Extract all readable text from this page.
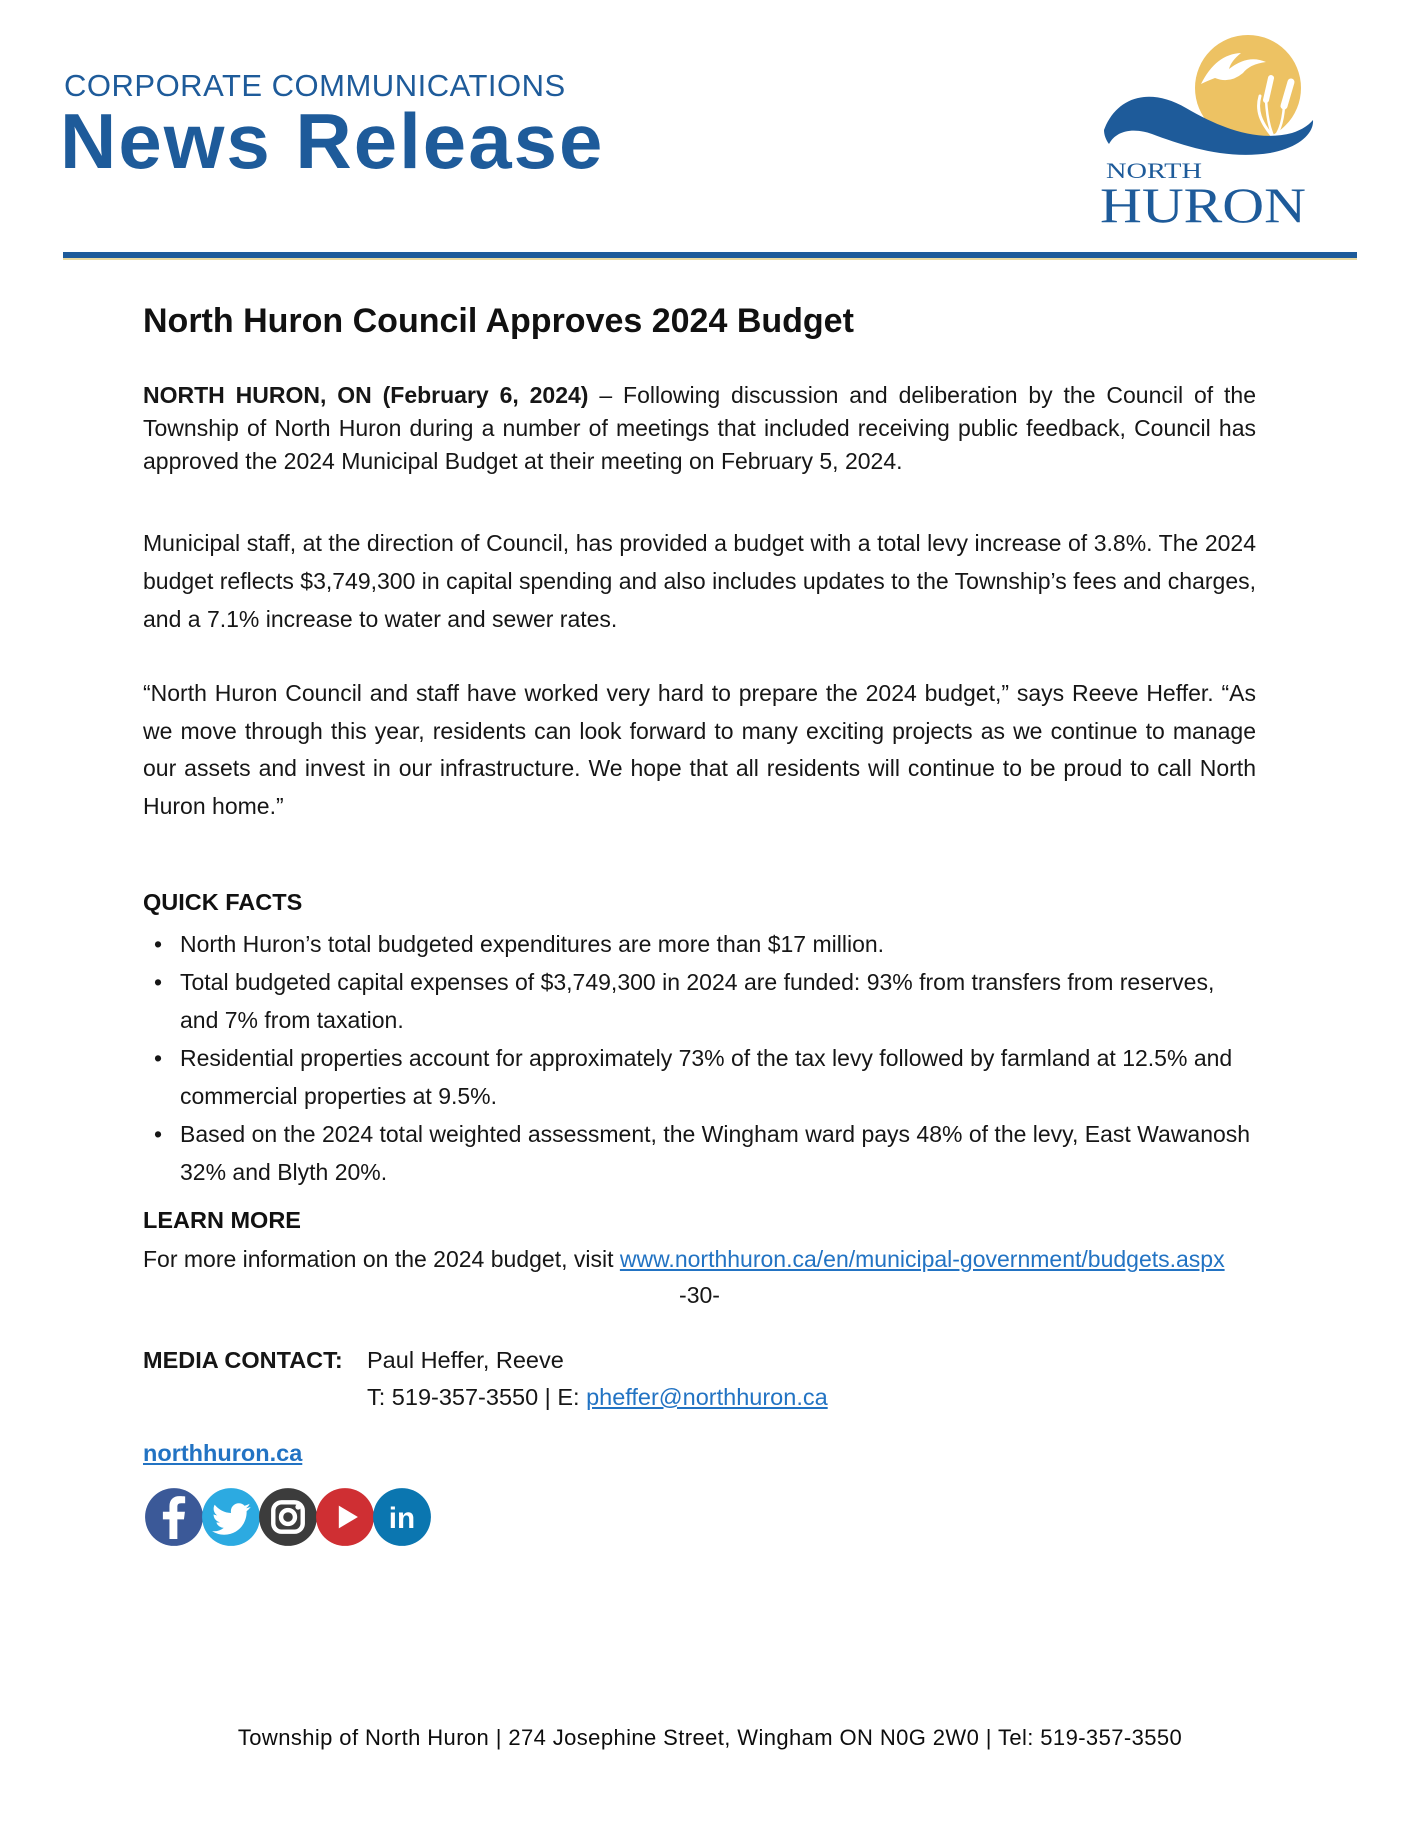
CORPORATE COMMUNICATIONS
News Release	NORTH
HURON
North Huron Council Approves 2024 Budget

NORTH HURON, ON (February 6, 2024) – Following discussion and deliberation by the Council of the Township of North Huron during a number of meetings that included receiving public feedback, Council has approved the 2024 Municipal Budget at their meeting on February 5, 2024.

Municipal staff, at the direction of Council, has provided a budget with a total levy increase of 3.8%. The 2024 budget reflects $3,749,300 in capital spending and also includes updates to the Township’s fees and charges, and a 7.1% increase to water and sewer rates.

“North Huron Council and staff have worked very hard to prepare the 2024 budget,” says Reeve Heffer. “As we move through this year, residents can look forward to many exciting projects as we continue to manage our assets and invest in our infrastructure. We hope that all residents will continue to be proud to call North Huron home.”

QUICK FACTS
• North Huron’s total budgeted expenditures are more than $17 million.
• Total budgeted capital expenses of $3,749,300 in 2024 are funded: 93% from transfers from reserves, and 7% from taxation.
• Residential properties account for approximately 73% of the tax levy followed by farmland at 12.5% and commercial properties at 9.5%.
• Based on the 2024 total weighted assessment, the Wingham ward pays 48% of the levy, East Wawanosh 32% and Blyth 20%.
LEARN MORE

For more information on the 2024 budget, visit www.northhuron.ca/en/municipal-government/budgets.aspx

-30-

MEDIA CONTACT:	Paul Heffer, Reeve
T: 519-357-3550 | E: pheffer@northhuron.ca

northhuron.ca

in
Township of North Huron | 274 Josephine Street, Wingham ON N0G 2W0 | Tel: 519-357-3550
